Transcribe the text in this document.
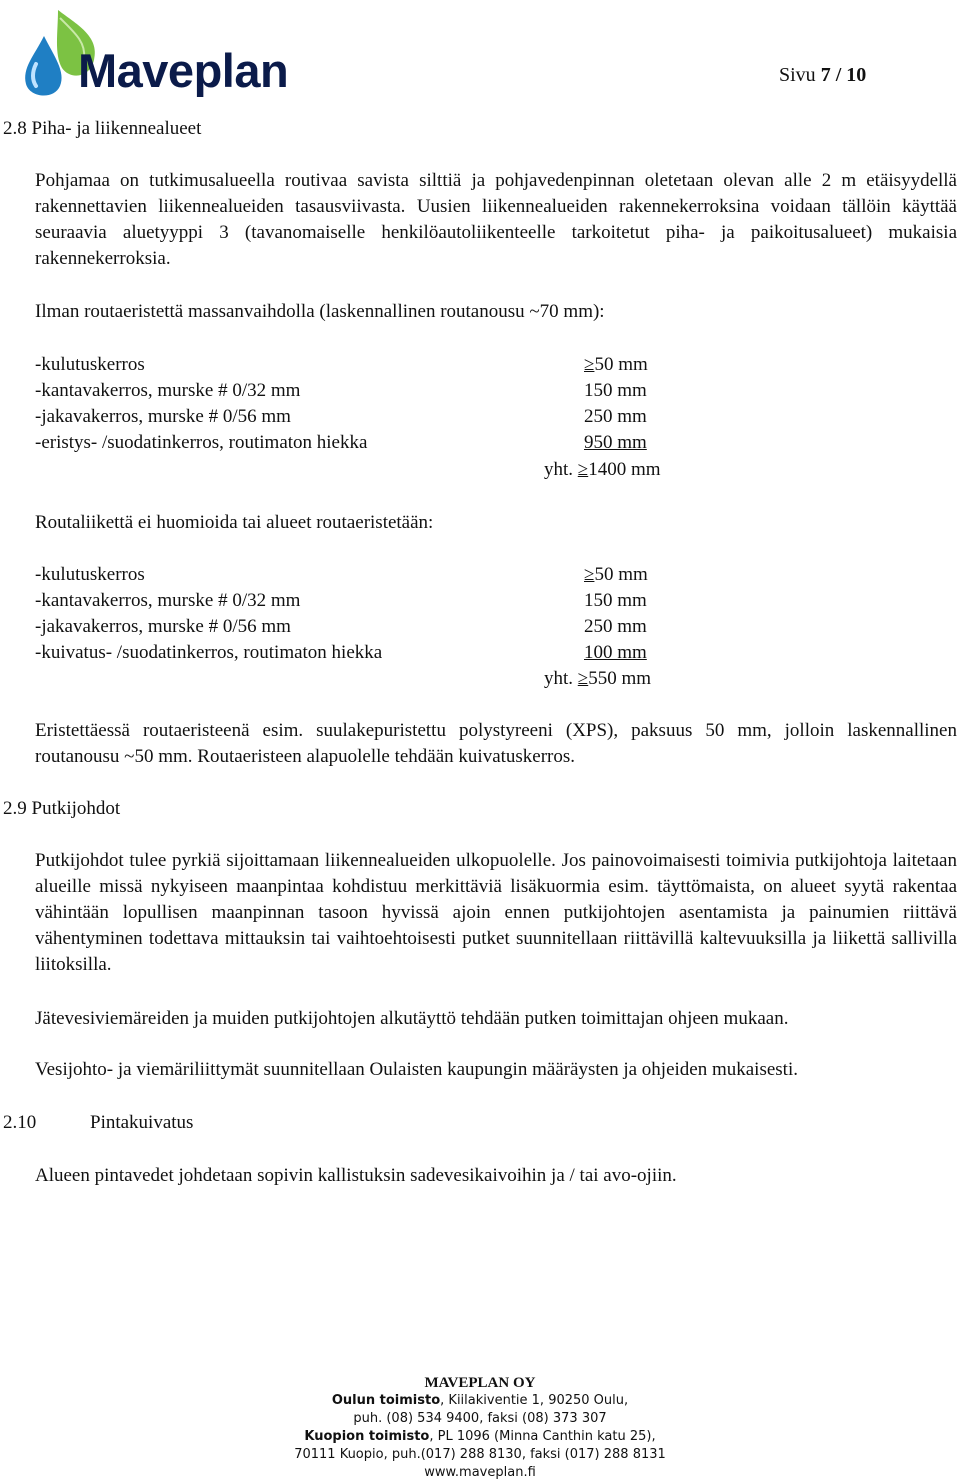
Maveplan	Sivu 7 / 10
2.8 Piha- ja liikennealueet
Pohjamaa on tutkimusalueella routivaa savista silttiä ja pohjavedenpinnan oletetaan olevan alle 2 m etäisyydellä rakennettavien liikennealueiden tasausviivasta. Uusien liikennealueiden rakennekerroksina voidaan tällöin käyttää seuraavia aluetyyppi 3 (tavanomaiselle henkilöautoliikenteelle tarkoitetut piha- ja paikoitusalueet) mukaisia rakennekerroksia.
Ilman routaeristettä massanvaihdolla (laskennallinen routanousu ~70 mm):
-kulutuskerros	≥50 mm
-kantavakerros, murske # 0/32 mm	150 mm
-jakavakerros, murske # 0/56 mm	250 mm
-eristys- /suodatinkerros, routimaton hiekka	950 mm
yht. ≥1400 mm
Routaliikettä ei huomioida tai alueet routaeristetään:
-kulutuskerros	≥50 mm
-kantavakerros, murske # 0/32 mm	150 mm
-jakavakerros, murske # 0/56 mm	250 mm
-kuivatus- /suodatinkerros, routimaton hiekka	100 mm
yht. ≥550 mm
Eristettäessä routaeristeenä esim. suulakepuristettu polystyreeni (XPS), paksuus 50 mm, jolloin laskennallinen routanousu ~50 mm. Routaeristeen alapuolelle tehdään kuivatuskerros.
2.9 Putkijohdot
Putkijohdot tulee pyrkiä sijoittamaan liikennealueiden ulkopuolelle. Jos painovoimaisesti toimivia putkijohtoja laitetaan alueille missä nykyiseen maanpintaa kohdistuu merkittäviä lisäkuormia esim. täyttömaista, on alueet syytä rakentaa vähintään lopullisen maanpinnan tasoon hyvissä ajoin ennen putkijohtojen asentamista ja painumien riittävä vähentyminen todettava mittauksin tai vaihtoehtoisesti putket suunnitellaan riittävillä kaltevuuksilla ja liikettä sallivilla liitoksilla.
Jätevesiviemäreiden ja muiden putkijohtojen alkutäyttö tehdään putken toimittajan ohjeen mukaan.
Vesijohto- ja viemäriliittymät suunnitellaan Oulaisten kaupungin määräysten ja ohjeiden mukaisesti.
2.10	Pintakuivatus
Alueen pintavedet johdetaan sopivin kallistuksin sadevesikaivoihin ja / tai avo-ojiin.
MAVEPLAN OY
Oulun toimisto, Kiilakiventie 1, 90250 Oulu,
puh. (08) 534 9400, faksi (08) 373 307
Kuopion toimisto, PL 1096 (Minna Canthin katu 25),
70111 Kuopio, puh.(017) 288 8130, faksi (017) 288 8131
www.maveplan.fi
